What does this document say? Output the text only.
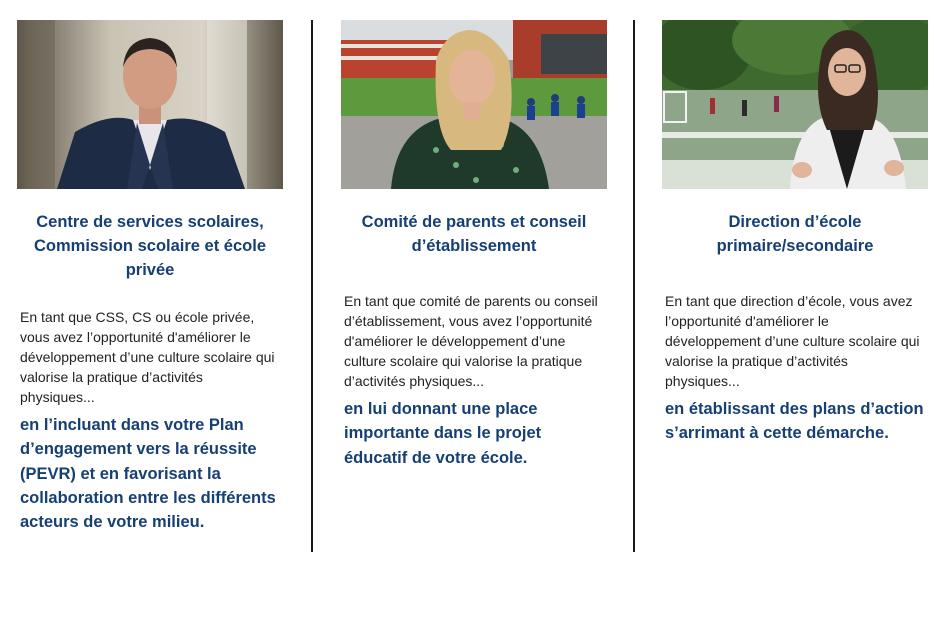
Centre de services scolaires, Commission scolaire et école privée

En tant que CSS, CS ou école privée, vous avez l’opportunité d'améliorer le développement d’une culture scolaire qui valorise la pratique d’activités physiques...

en l’incluant dans votre Plan d’engagement vers la réussite (PEVR) et en favorisant la collaboration entre les différents acteurs de votre milieu.

Comité de parents et conseil d’établissement

En tant que comité de parents ou conseil d’établissement, vous avez l’opportunité d'améliorer le développement d’une culture scolaire qui valorise la pratique d’activités physiques...

en lui donnant une place importante dans le projet éducatif de votre école.

Direction d’école primaire/secondaire

En tant que direction d’école, vous avez l’opportunité d'améliorer le développement d’une culture scolaire qui valorise la pratique d’activités physiques...

en établissant des plans d’action s’arrimant à cette démarche.
